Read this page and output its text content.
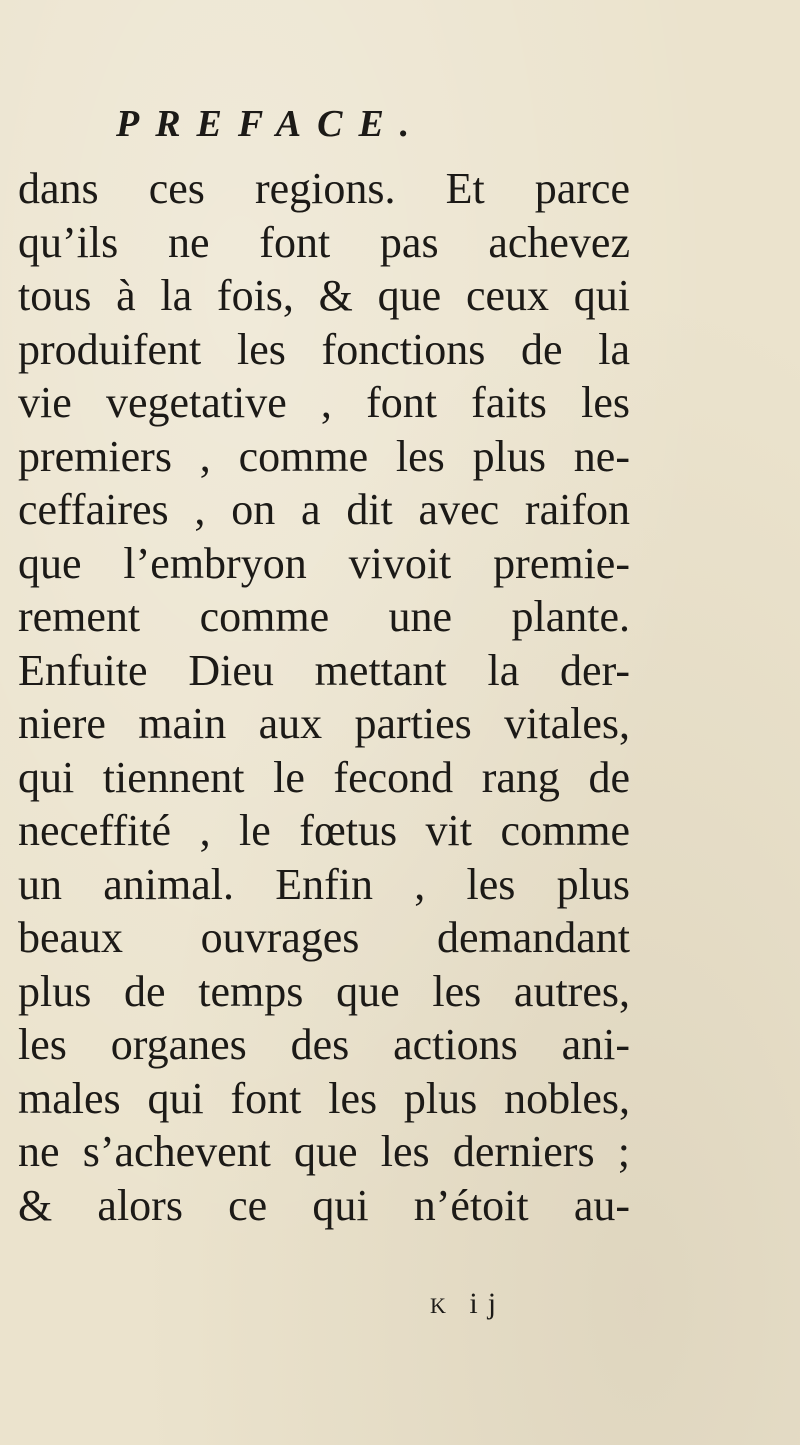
PREFACE.
dans ces regions. Et parce
qu’ils ne font pas achevez
tous à la fois, & que ceux qui
produifent les fonctions de la
vie vegetative , font faits les
premiers , comme les plus ne-
ceffaires , on a dit avec raifon
que l’embryon vivoit premie-
rement comme une plante.
Enfuite Dieu mettant la der-
niere main aux parties vitales,
qui tiennent le fecond rang de
neceffité , le fœtus vit comme
un animal. Enfin , les plus
beaux ouvrages demandant
plus de temps que les autres,
les organes des actions ani-
males qui font les plus nobles,
ne s’achevent que les derniers ;
& alors ce qui n’étoit au-
K ij
